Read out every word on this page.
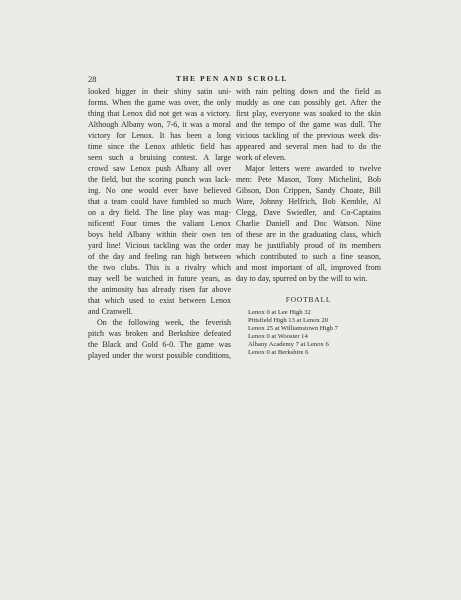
28	THE PEN AND SCROLL
looked bigger in their shiny satin uni-
forms. When the game was over, the only
thing that Lenox did not get was a victory.
Although Albany won, 7-6, it was a moral
victory for Lenox. It has been a long
time since the Lenox athletic field has
seen such a bruising contest. A large
crowd saw Lenox push Albany all over
the field, but the scoring punch was lack-
ing. No one would ever have believed
that a team could have fumbled so much
on a dry field. The line play was mag-
nificent! Four times the valiant Lenox
boys held Albany within their own ten
yard line! Vicious tackling was the order
of the day and feeling ran high between
the two clubs. This is a rivalry which
may well be watched in future years, as
the animosity has already risen far above
that which used to exist between Lenox
and Cranwell.
On the following week, the feverish
pitch was broken and Berkshire defeated
the Black and Gold 6-0. The game was
played under the worst possible conditions,
with rain pelting down and the field as
muddy as one can possibly get. After the
first play, everyone was soaked to the skin
and the tempo of the game was dull. The
vicious tackling of the previous week dis-
appeared and several men had to do the
work of eleven.
Major letters were awarded to twelve
men: Pete Mason, Tony Michelini, Bob
Gibson, Don Crippen, Sandy Choate, Bill
Ware, Johnny Helfrich, Bob Kemble, Al
Clegg, Dave Swiedler, and Co-Captains
Charlie Daniell and Doc Watson. Nine
of these are in the graduating class, which
may be justifiably proud of its members
which contributed to such a fine season,
and most important of all, improved from
day to day, spurred on by the will to win.
FOOTBALL
Lenox 0 at Lee High 32
Pittsfield High 13 at Lenox 20
Lenox 25 at Williamstown High 7
Lenox 0 at Wooster 14
Albany Academy 7 at Lenox 6
Lenox 0 at Berkshire 6
